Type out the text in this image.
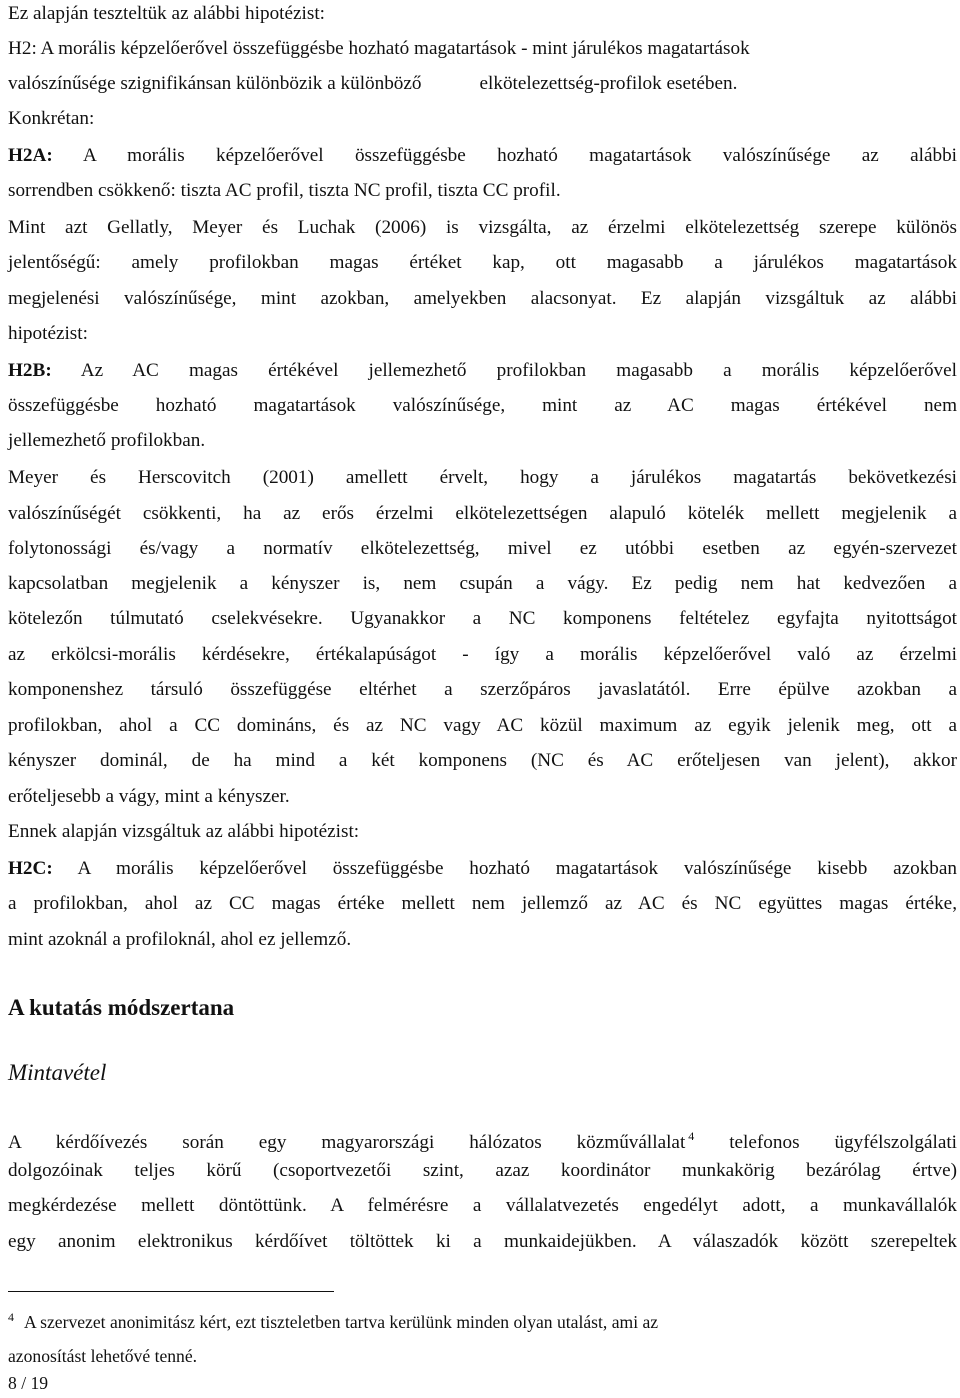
Ez alapján teszteltük az alábbi hipotézist:
H2: A morális képzelőerővel összefüggésbe hozható magatartások - mint járulékos magatartások
valószínűsége szignifikánsan különbözik a különböző	elkötelezettség-profilok esetében.
Konkrétan:
H2A: A morális képzelőerővel összefüggésbe hozható magatartások valószínűsége az alábbi
sorrendben csökkenő: tiszta AC profil, tiszta NC profil, tiszta CC profil.
Mint azt Gellatly, Meyer és Luchak (2006) is vizsgálta, az érzelmi elkötelezettség szerepe különös
jelentőségű: amely profilokban magas értéket kap, ott magasabb a járulékos magatartások
megjelenési valószínűsége, mint azokban, amelyekben alacsonyat. Ez alapján vizsgáltuk az alábbi
hipotézist:
H2B: Az AC magas értékével jellemezhető profilokban magasabb a morális képzelőerővel
összefüggésbe hozható magatartások valószínűsége, mint az AC magas értékével nem
jellemezhető profilokban.
Meyer és Herscovitch (2001) amellett érvelt, hogy a járulékos magatartás bekövetkezési
valószínűségét csökkenti, ha az erős érzelmi elkötelezettségen alapuló kötelék mellett megjelenik a
folytonossági és/vagy a normatív elkötelezettség, mivel ez utóbbi esetben az egyén-szervezet
kapcsolatban megjelenik a kényszer is, nem csupán a vágy. Ez pedig nem hat kedvezően a
kötelezőn túlmutató cselekvésekre. Ugyanakkor a NC komponens feltételez egyfajta nyitottságot
az erkölcsi-morális kérdésekre, értékalapúságot - így a morális képzelőerővel való az érzelmi
komponenshez társuló összefüggése eltérhet a szerzőpáros javaslatától. Erre épülve azokban a
profilokban, ahol a CC domináns, és az NC vagy AC közül maximum az egyik jelenik meg, ott a
kényszer dominál, de ha mind a két komponens (NC és AC erőteljesen van jelent), akkor
erőteljesebb a vágy, mint a kényszer.
Ennek alapján vizsgáltuk az alábbi hipotézist:
H2C: A morális képzelőerővel összefüggésbe hozható magatartások valószínűsége kisebb azokban
a profilokban, ahol az CC magas értéke mellett nem jellemző az AC és NC együttes magas értéke,
mint azoknál a profiloknál, ahol ez jellemző.
A kutatás módszertana
Mintavétel
A kérdőívezés során egy magyarországi hálózatos közművállalat $^4$ telefonos ügyfélszolgálati
dolgozóinak teljes körű (csoportvezetői szint, azaz koordinátor munkakörig bezárólag értve)
megkérdezése mellett döntöttünk. A felmérésre a vállalatvezetés engedélyt adott, a munkavállalók
egy anonim elektronikus kérdőívet töltöttek ki a munkaidejükben. A válaszadók között szerepeltek
$^4$ A szervezet anonimitász kért, ezt tiszteletben tartva kerülünk minden olyan utalást, ami az
azonosítást lehetővé tenné.
8 / 19
